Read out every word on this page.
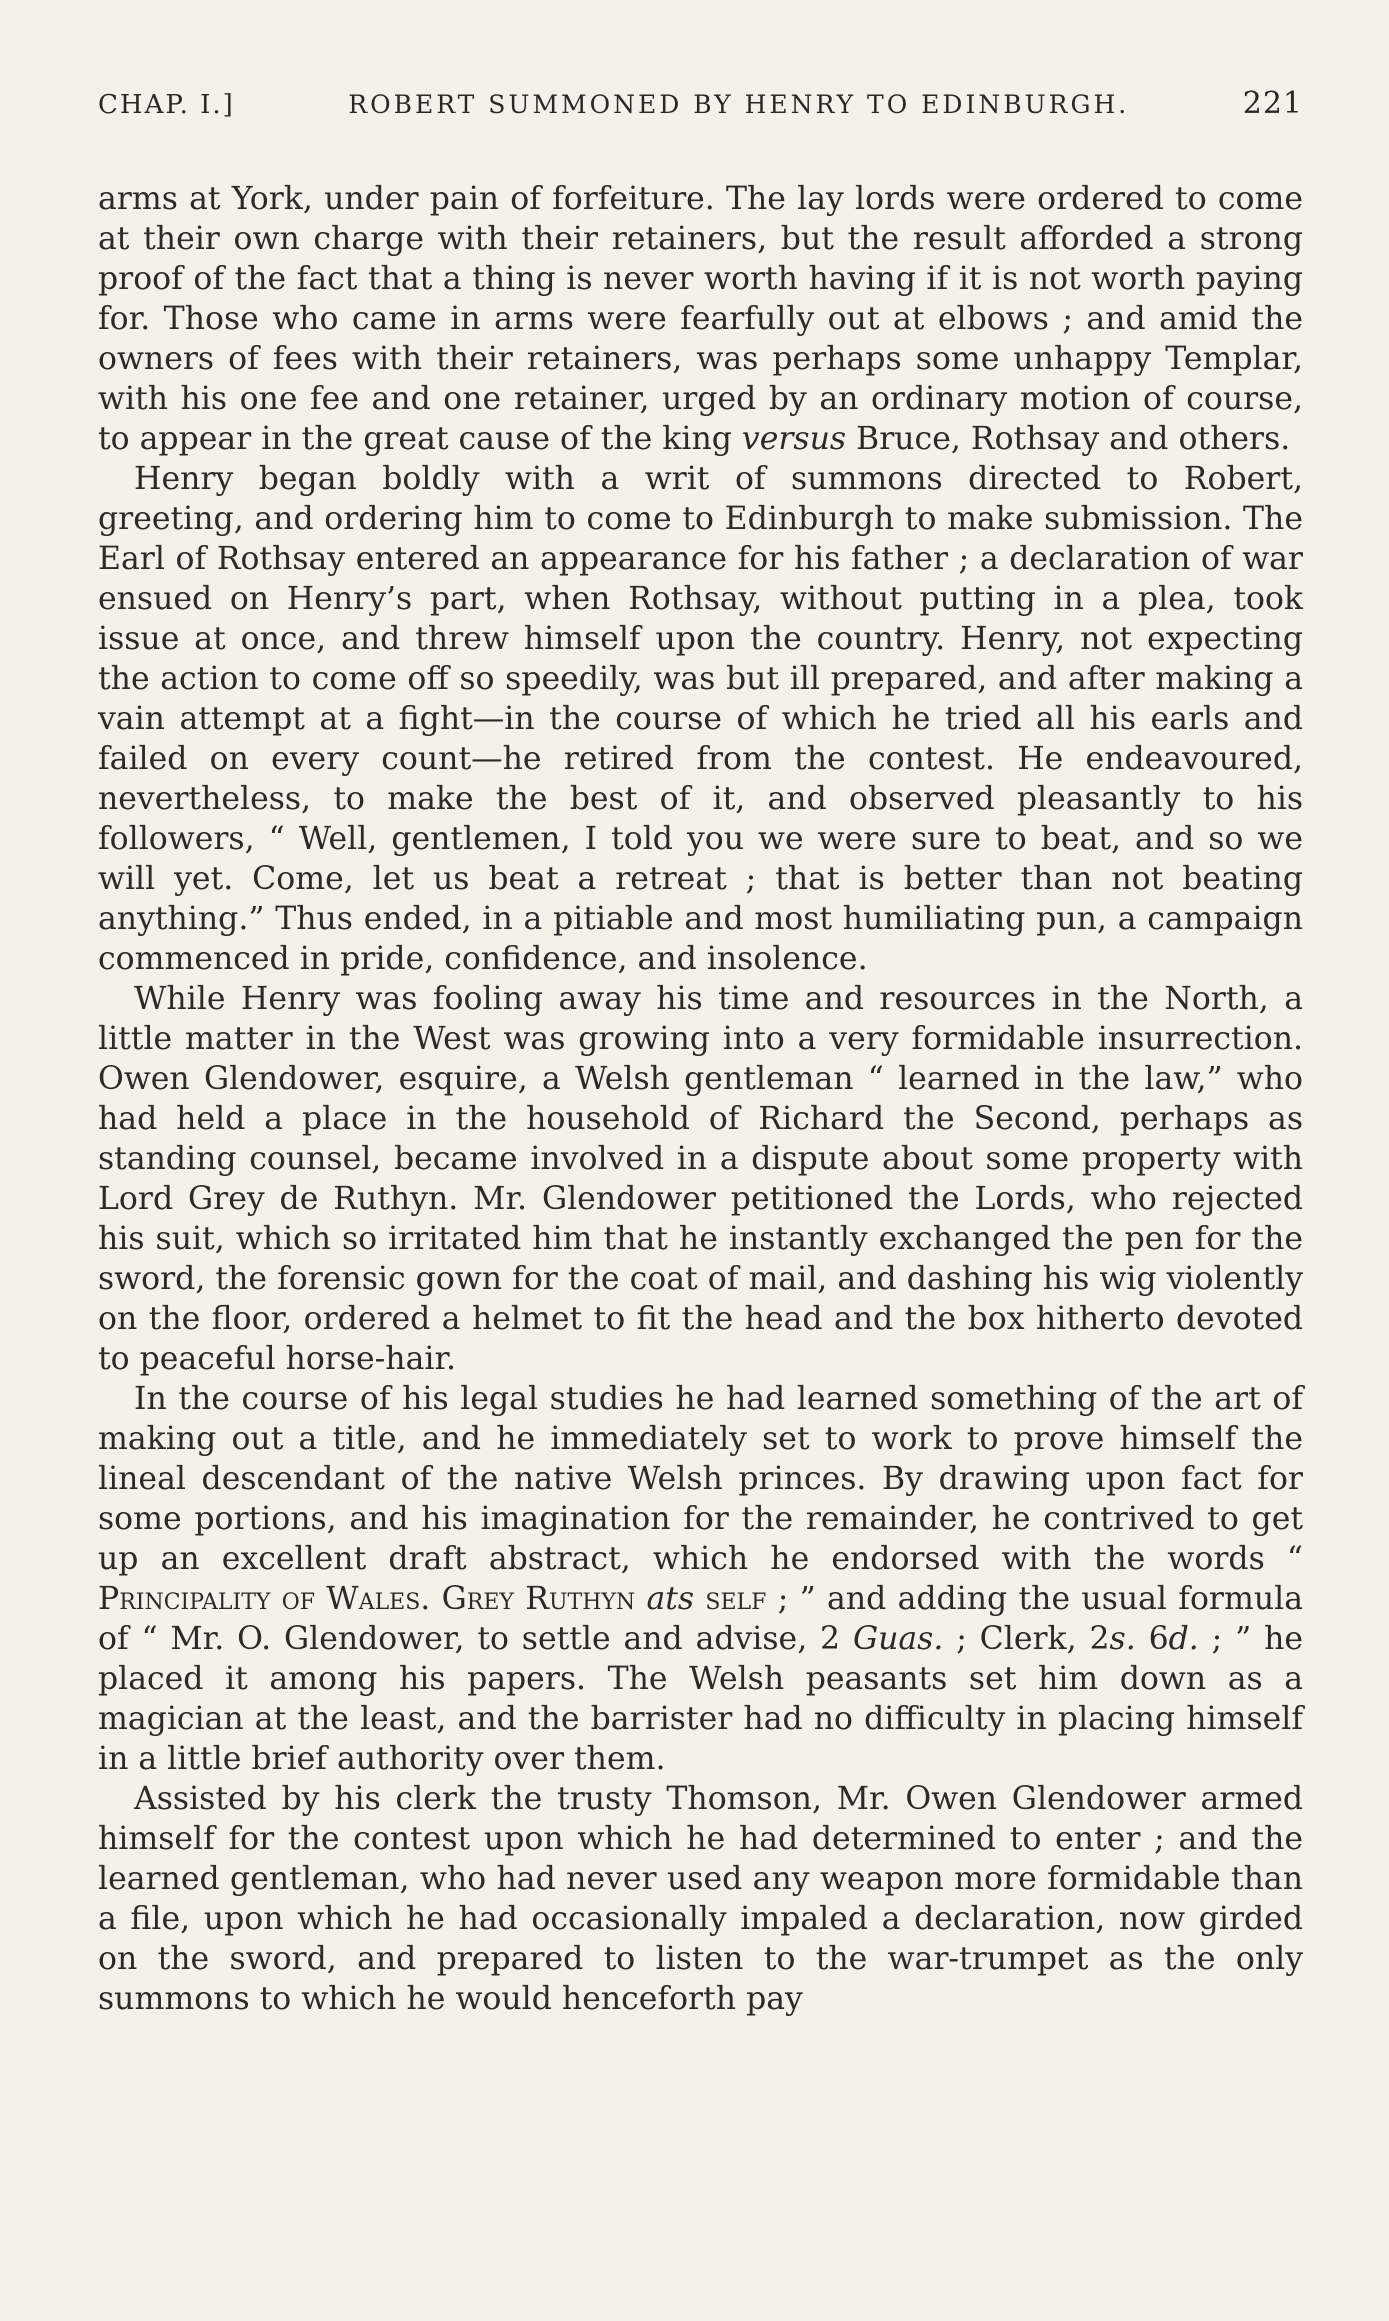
CHAP. I.]	ROBERT SUMMONED BY HENRY TO EDINBURGH.	221

arms at York, under pain of forfeiture. The lay lords were ordered to come at their own charge with their retainers, but the result afforded a strong proof of the fact that a thing is never worth having if it is not worth paying for. Those who came in arms were fearfully out at elbows ; and amid the owners of fees with their retainers, was perhaps some unhappy Templar, with his one fee and one retainer, urged by an ordinary motion of course, to appear in the great cause of the king versus Bruce, Rothsay and others.

Henry began boldly with a writ of summons directed to Robert, greeting, and ordering him to come to Edinburgh to make submission. The Earl of Rothsay entered an appearance for his father ; a declaration of war ensued on Henry’s part, when Rothsay, without putting in a plea, took issue at once, and threw himself upon the country. Henry, not expecting the action to come off so speedily, was but ill prepared, and after making a vain attempt at a fight—in the course of which he tried all his earls and failed on every count—he retired from the contest. He endeavoured, nevertheless, to make the best of it, and observed pleasantly to his followers, “ Well, gentlemen, I told you we were sure to beat, and so we will yet. Come, let us beat a retreat ; that is better than not beating anything.” Thus ended, in a pitiable and most humiliating pun, a campaign commenced in pride, confidence, and insolence.

While Henry was fooling away his time and resources in the North, a little matter in the West was growing into a very formidable insurrection. Owen Glendower, esquire, a Welsh gentleman “ learned in the law,” who had held a place in the household of Richard the Second, perhaps as standing counsel, became involved in a dispute about some property with Lord Grey de Ruthyn. Mr. Glendower petitioned the Lords, who rejected his suit, which so irritated him that he instantly exchanged the pen for the sword, the forensic gown for the coat of mail, and dashing his wig violently on the floor, ordered a helmet to fit the head and the box hitherto devoted to peaceful horse-hair.

In the course of his legal studies he had learned something of the art of making out a title, and he immediately set to work to prove himself the lineal descendant of the native Welsh princes. By drawing upon fact for some portions, and his imagination for the remainder, he contrived to get up an excellent draft abstract, which he endorsed with the words “ Principality of Wales. Grey Ruthyn ats self ; ” and adding the usual formula of “ Mr. O. Glendower, to settle and advise, 2 Guas. ; Clerk, 2s. 6d. ; ” he placed it among his papers. The Welsh peasants set him down as a magician at the least, and the barrister had no difficulty in placing himself in a little brief authority over them.

Assisted by his clerk the trusty Thomson, Mr. Owen Glendower armed himself for the contest upon which he had determined to enter ; and the learned gentleman, who had never used any weapon more formidable than a file, upon which he had occasionally impaled a declaration, now girded on the sword, and prepared to listen to the war-trumpet as the only summons to which he would henceforth pay
